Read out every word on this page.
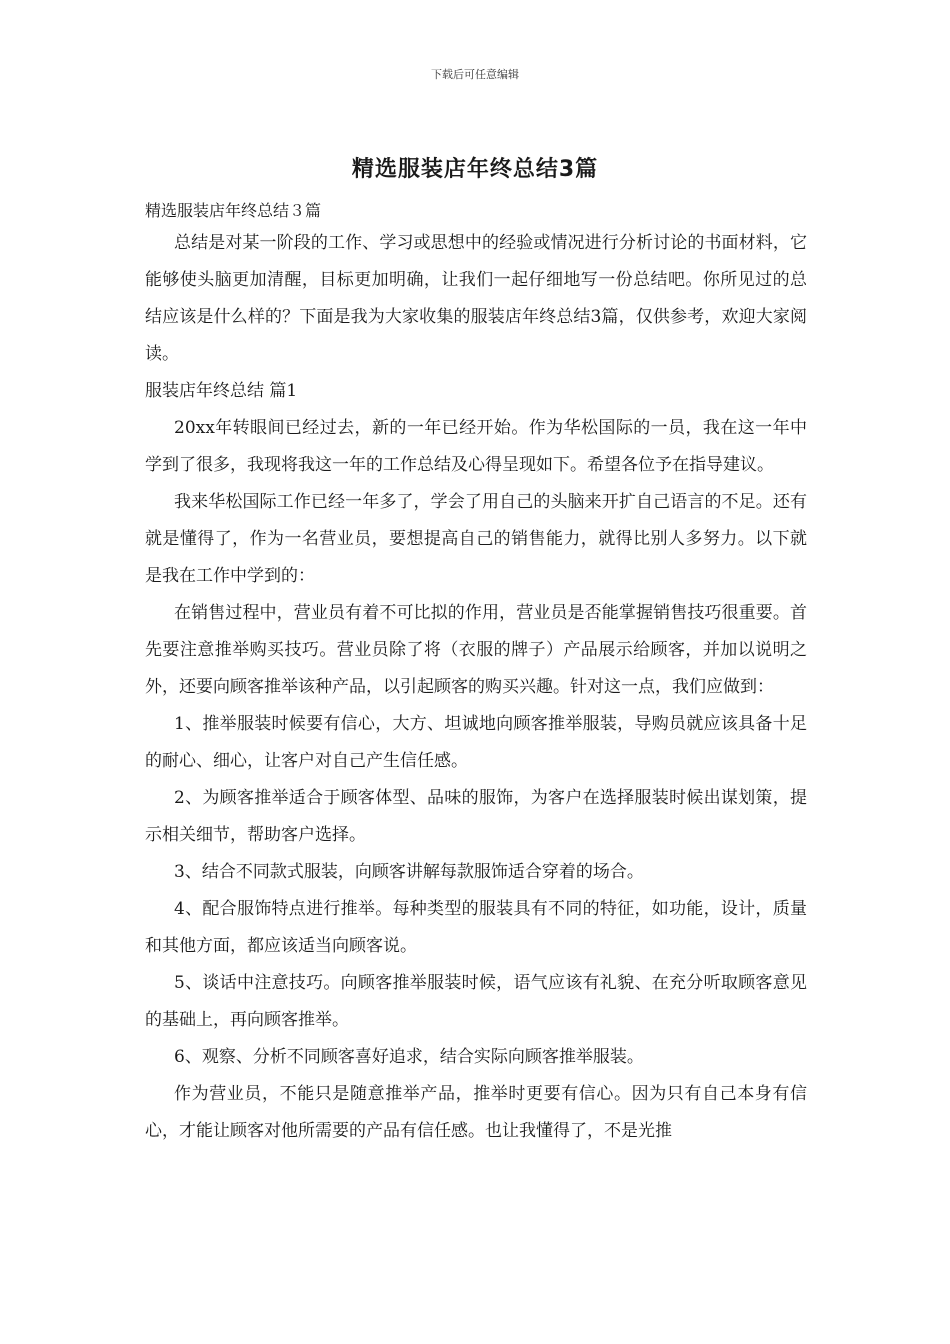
下载后可任意编辑
精选服装店年终总结3篇

精选服装店年终总结３篇

总结是对某一阶段的工作、学习或思想中的经验或情况进行分析讨论的书面材料，它能够使头脑更加清醒，目标更加明确，让我们一起仔细地写一份总结吧。你所见过的总结应该是什么样的？下面是我为大家收集的服装店年终总结3篇，仅供参考，欢迎大家阅读。

服装店年终总结 篇1

20xx年转眼间已经过去，新的一年已经开始。作为华松国际的一员，我在这一年中学到了很多，我现将我这一年的工作总结及心得呈现如下。希望各位予在指导建议。

我来华松国际工作已经一年多了，学会了用自己的头脑来开扩自己语言的不足。还有就是懂得了，作为一名营业员，要想提高自己的销售能力，就得比别人多努力。以下就是我在工作中学到的：

在销售过程中，营业员有着不可比拟的作用，营业员是否能掌握销售技巧很重要。首先要注意推举购买技巧。营业员除了将（衣服的牌子）产品展示给顾客，并加以说明之外，还要向顾客推举该种产品，以引起顾客的购买兴趣。针对这一点，我们应做到：

1、推举服装时候要有信心，大方、坦诚地向顾客推举服装，导购员就应该具备十足的耐心、细心，让客户对自己产生信任感。

2、为顾客推举适合于顾客体型、品味的服饰，为客户在选择服装时候出谋划策，提示相关细节，帮助客户选择。

3、结合不同款式服装，向顾客讲解每款服饰适合穿着的场合。

4、配合服饰特点进行推举。每种类型的服装具有不同的特征，如功能，设计，质量和其他方面，都应该适当向顾客说。

5、谈话中注意技巧。向顾客推举服装时候，语气应该有礼貌、在充分听取顾客意见的基础上，再向顾客推举。

6、观察、分析不同顾客喜好追求，结合实际向顾客推举服装。

作为营业员，不能只是随意推举产品，推举时更要有信心。因为只有自己本身有信心，才能让顾客对他所需要的产品有信任感。也让我懂得了，不是光推
